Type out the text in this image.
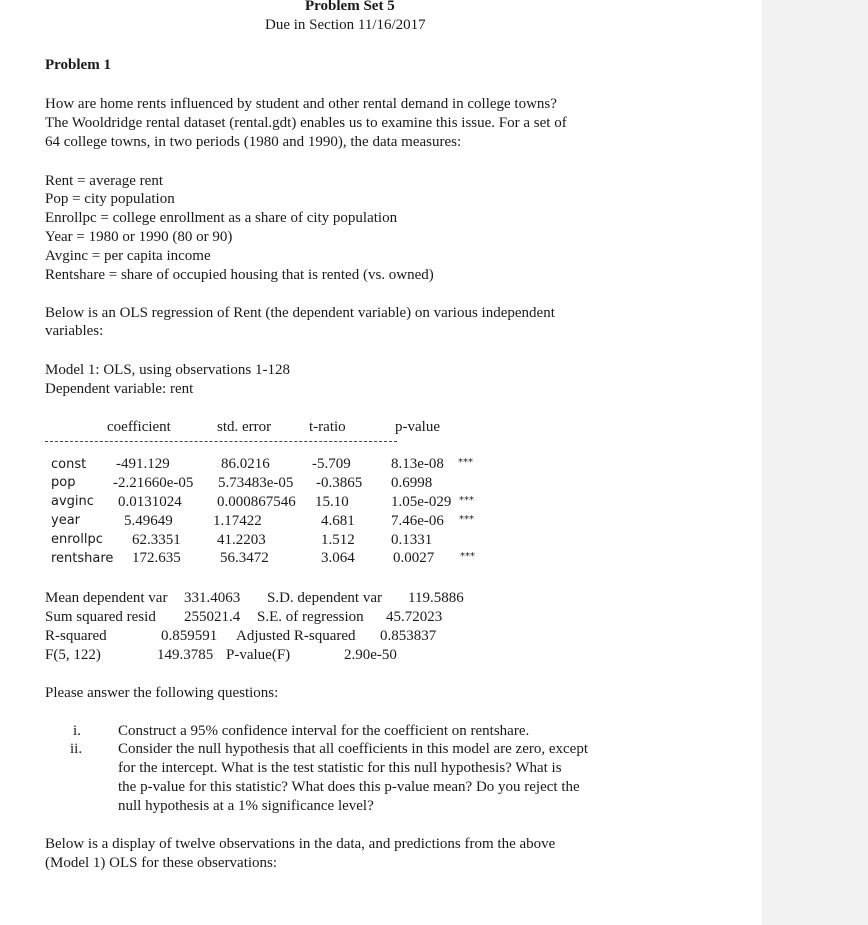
Problem Set 5
Due in Section 11/16/2017
Problem 1
How are home rents influenced by student and other rental demand in college towns?
The Wooldridge rental dataset (rental.gdt) enables us to examine this issue. For a set of
64 college towns, in two periods (1980 and 1990), the data measures:
Rent = average rent
Pop = city population
Enrollpc = college enrollment as a share of city population
Year = 1980 or 1990 (80 or 90)
Avginc = per capita income
Rentshare = share of occupied housing that is rented (vs. owned)
Below is an OLS regression of Rent (the dependent variable) on various independent
variables:
Model 1: OLS, using observations 1-128
Dependent variable: rent
coefficient	std. error	t-ratio	p-value
const -491.129	86.0216	-5.709	8.13e-08 ***
pop	-2.21660e-05 5.73483e-05 -0.3865 0.6998
avginc 0.0131024 0.000867546 15.10	1.05e-029 ***
year	5.49649	1.17422	4.681 7.46e-06 ***
enrollpc 62.3351 41.2203	1.512 0.1331
rentshare 172.635	56.3472	3.064	0.0027	***
Mean dependent var 331.4063 S.D. dependent var 119.5886
Sum squared resid 255021.4 S.E. of regression 45.72023
R-squared	0.859591 Adjusted R-squared 0.853837
F(5, 122)	149.3785 P-value(F)	2.90e-50
Please answer the following questions:
i. Construct a 95% confidence interval for the coefficient on rentshare.
ii. Consider the null hypothesis that all coefficients in this model are zero, except
for the intercept. What is the test statistic for this null hypothesis? What is
the p-value for this statistic? What does this p-value mean? Do you reject the
null hypothesis at a 1% significance level?
Below is a display of twelve observations in the data, and predictions from the above
(Model 1) OLS for these observations:
